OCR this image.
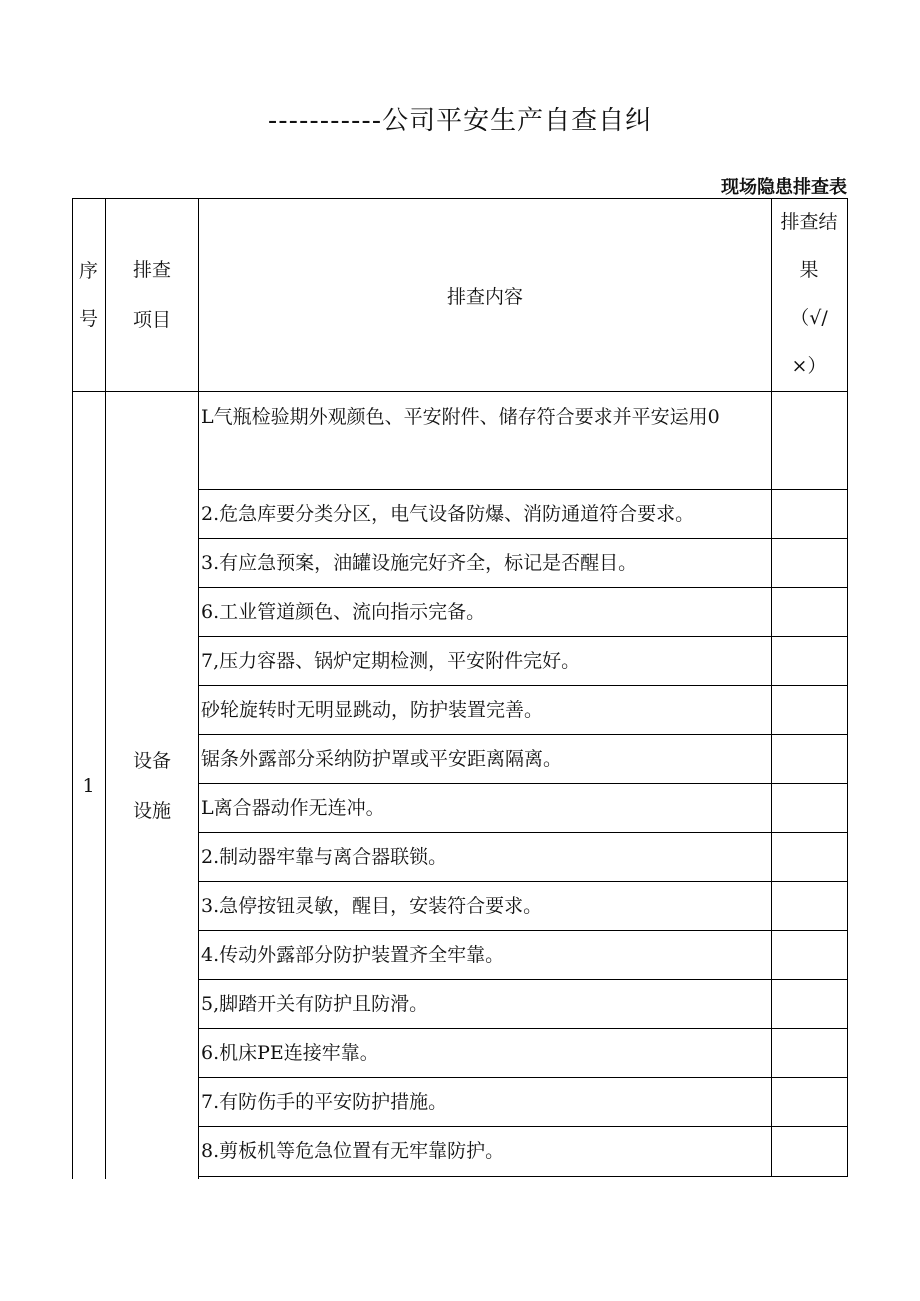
-----------公司平安生产自查自纠
现场隐患排查表
序
号
排查
项目
排查内容
排查结
果
（√/
×）
1
设备
设施
L气瓶检验期外观颜色、平安附件、储存符合要求并平安运用0
2.危急库要分类分区，电气设备防爆、消防通道符合要求。
3.有应急预案，油罐设施完好齐全，标记是否醒目。
6.工业管道颜色、流向指示完备。
7,压力容器、锅炉定期检测，平安附件完好。
砂轮旋转时无明显跳动，防护装置完善。
锯条外露部分采纳防护罩或平安距离隔离。
L离合器动作无连冲。
2.制动器牢靠与离合器联锁。
3.急停按钮灵敏，醒目，安装符合要求。
4.传动外露部分防护装置齐全牢靠。
5,脚踏开关有防护且防滑。
6.机床PE连接牢靠。
7.有防伤手的平安防护措施。
8.剪板机等危急位置有无牢靠防护。
